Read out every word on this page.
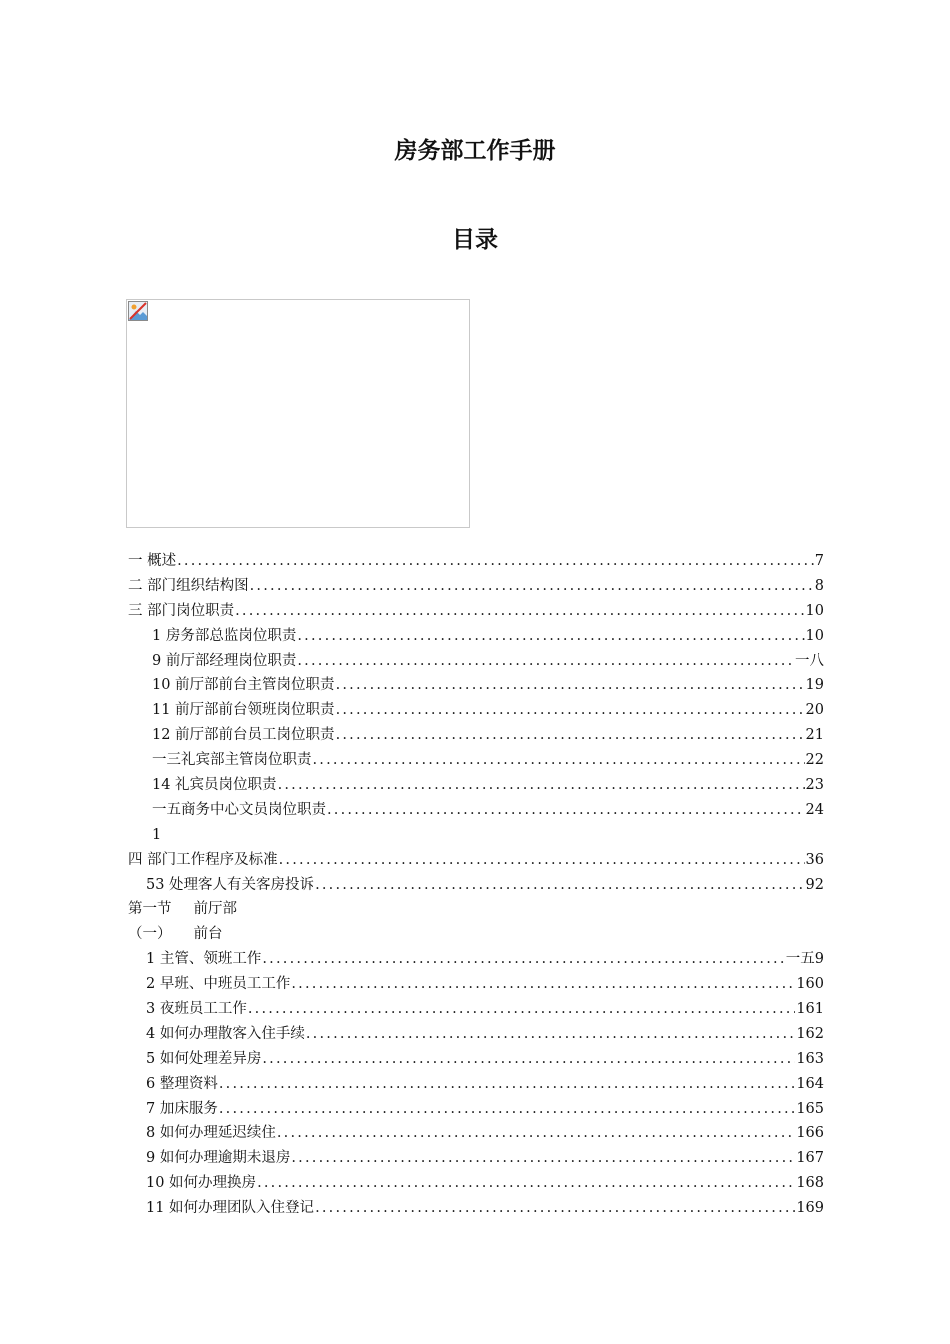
房务部工作手册
目录
一 概述 .....	7
二 部门组织结构图 .....	8
三 部门岗位职责 .....	10
1 房务部总监岗位职责 .....	10
9 前厅部经理岗位职责 .....	一八
10 前厅部前台主管岗位职责 .....	19
11 前厅部前台领班岗位职责 .....	20
12 前厅部前台员工岗位职责 .....	21
一三礼宾部主管岗位职责 .....	22
14 礼宾员岗位职责 .....	23
一五商务中心文员岗位职责 .....	24
1
四 部门工作程序及标准 .....	36
53 处理客人有关客房投诉 .....	92
第一节 前厅部
（一） 前台
1 主管、领班工作 .....	一五9
2 早班、中班员工工作 .....	160
3 夜班员工工作 .....	161
4 如何办理散客入住手续 .....	162
5 如何处理差异房 .....	163
6 整理资料 .....	164
7 加床服务 .....	165
8 如何办理延迟续住 .....	166
9 如何办理逾期未退房 .....	167
10 如何办理换房 .....	168
11 如何办理团队入住登记 .....	169
